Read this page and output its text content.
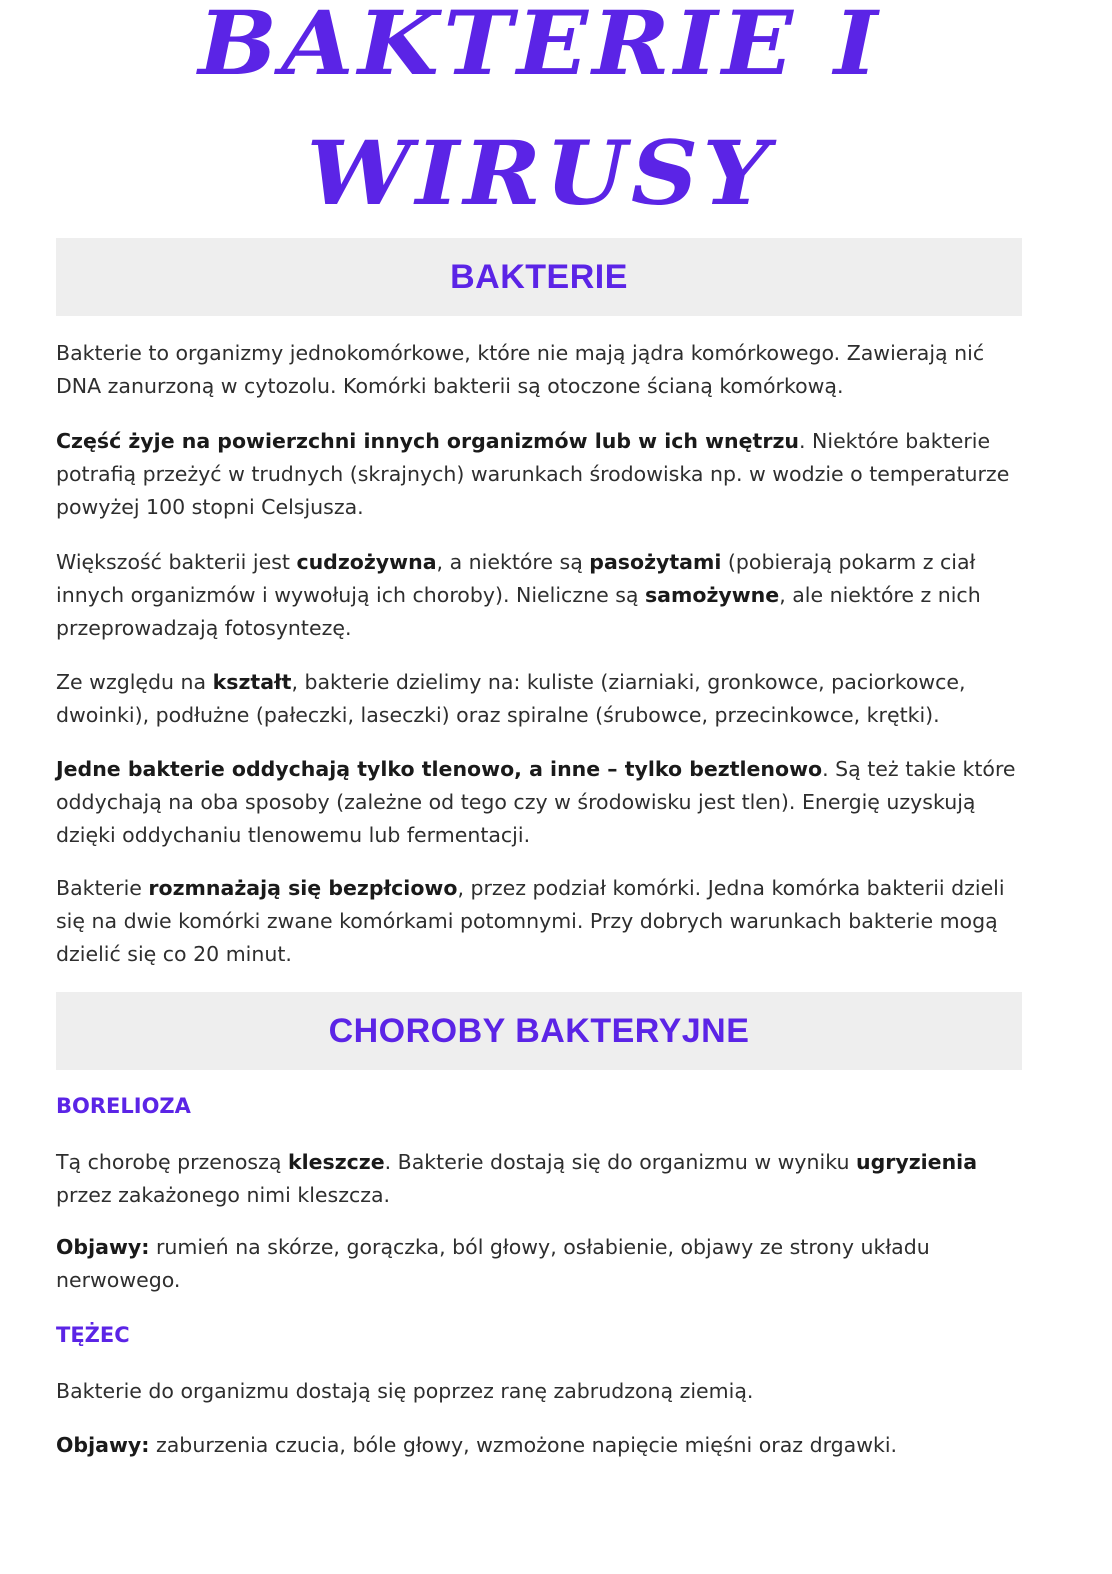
BAKTERIE I WIRUSY
BAKTERIE

Bakterie to organizmy jednokomórkowe, które nie mają jądra komórkowego. Zawierają nić DNA zanurzoną w cytozolu. Komórki bakterii są otoczone ścianą komórkową.

Część żyje na powierzchni innych organizmów lub w ich wnętrzu. Niektóre bakterie potrafią przeżyć w trudnych (skrajnych) warunkach środowiska np. w wodzie o temperaturze powyżej 100 stopni Celsjusza.

Większość bakterii jest cudzożywna, a niektóre są pasożytami (pobierają pokarm z ciał innych organizmów i wywołują ich choroby). Nieliczne są samożywne, ale niektóre z nich przeprowadzają fotosyntezę.

Ze względu na kształt, bakterie dzielimy na: kuliste (ziarniaki, gronkowce, paciorkowce, dwoinki), podłużne (pałeczki, laseczki) oraz spiralne (śrubowce, przecinkowce, krętki).

Jedne bakterie oddychają tylko tlenowo, a inne – tylko beztlenowo. Są też takie które oddychają na oba sposoby (zależne od tego czy w środowisku jest tlen). Energię uzyskują dzięki oddychaniu tlenowemu lub fermentacji.

Bakterie rozmnażają się bezpłciowo, przez podział komórki. Jedna komórka bakterii dzieli się na dwie komórki zwane komórkami potomnymi. Przy dobrych warunkach bakterie mogą dzielić się co 20 minut.

CHOROBY BAKTERYJNE
BORELIOZA

Tą chorobę przenoszą kleszcze. Bakterie dostają się do organizmu w wyniku ugryzienia przez zakażonego nimi kleszcza.

Objawy: rumień na skórze, gorączka, ból głowy, osłabienie, objawy ze strony układu nerwowego.

TĘŻEC

Bakterie do organizmu dostają się poprzez ranę zabrudzoną ziemią.

Objawy: zaburzenia czucia, bóle głowy, wzmożone napięcie mięśni oraz drgawki.
